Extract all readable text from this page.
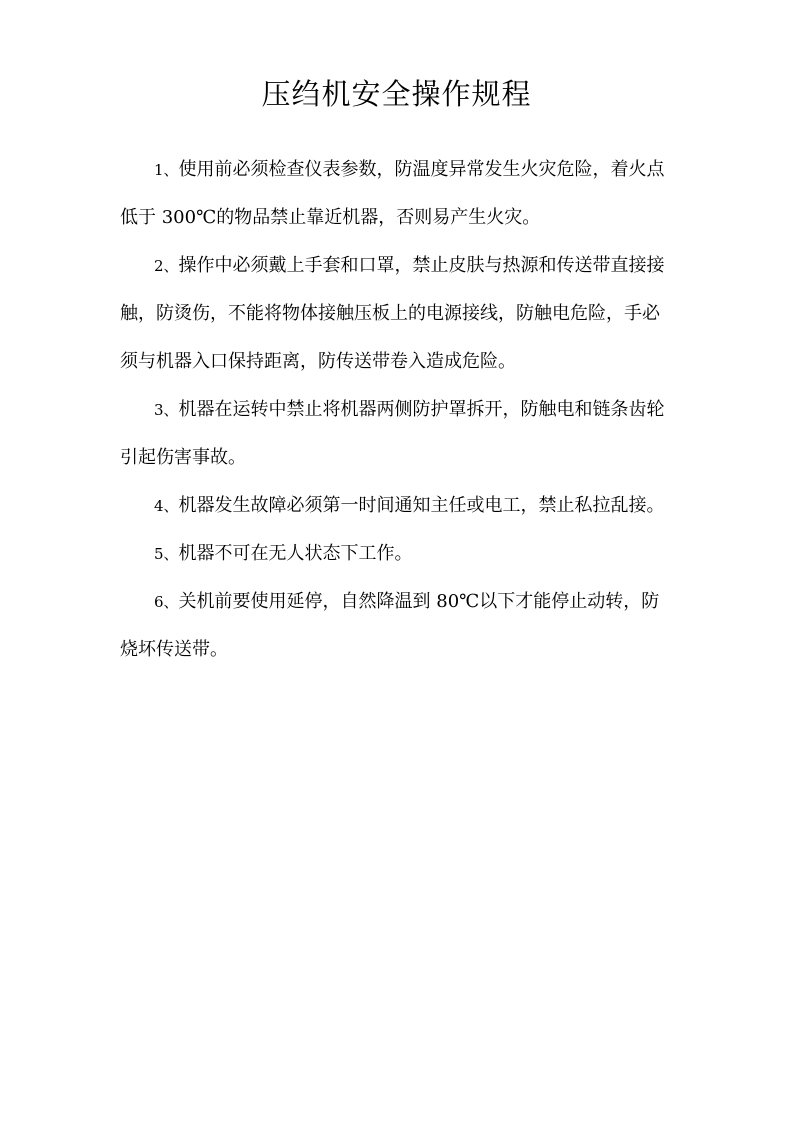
压绉机安全操作规程
1、使用前必须检查仪表参数，防温度异常发生火灾危险，着火点低于 300℃的物品禁止靠近机器，否则易产生火灾。
2、操作中必须戴上手套和口罩，禁止皮肤与热源和传送带直接接触，防烫伤，不能将物体接触压板上的电源接线，防触电危险，手必须与机器入口保持距离，防传送带卷入造成危险。
3、机器在运转中禁止将机器两侧防护罩拆开，防触电和链条齿轮引起伤害事故。
4、机器发生故障必须第一时间通知主任或电工，禁止私拉乱接。
5、机器不可在无人状态下工作。
6、关机前要使用延停，自然降温到 80℃以下才能停止动转，防烧坏传送带。
